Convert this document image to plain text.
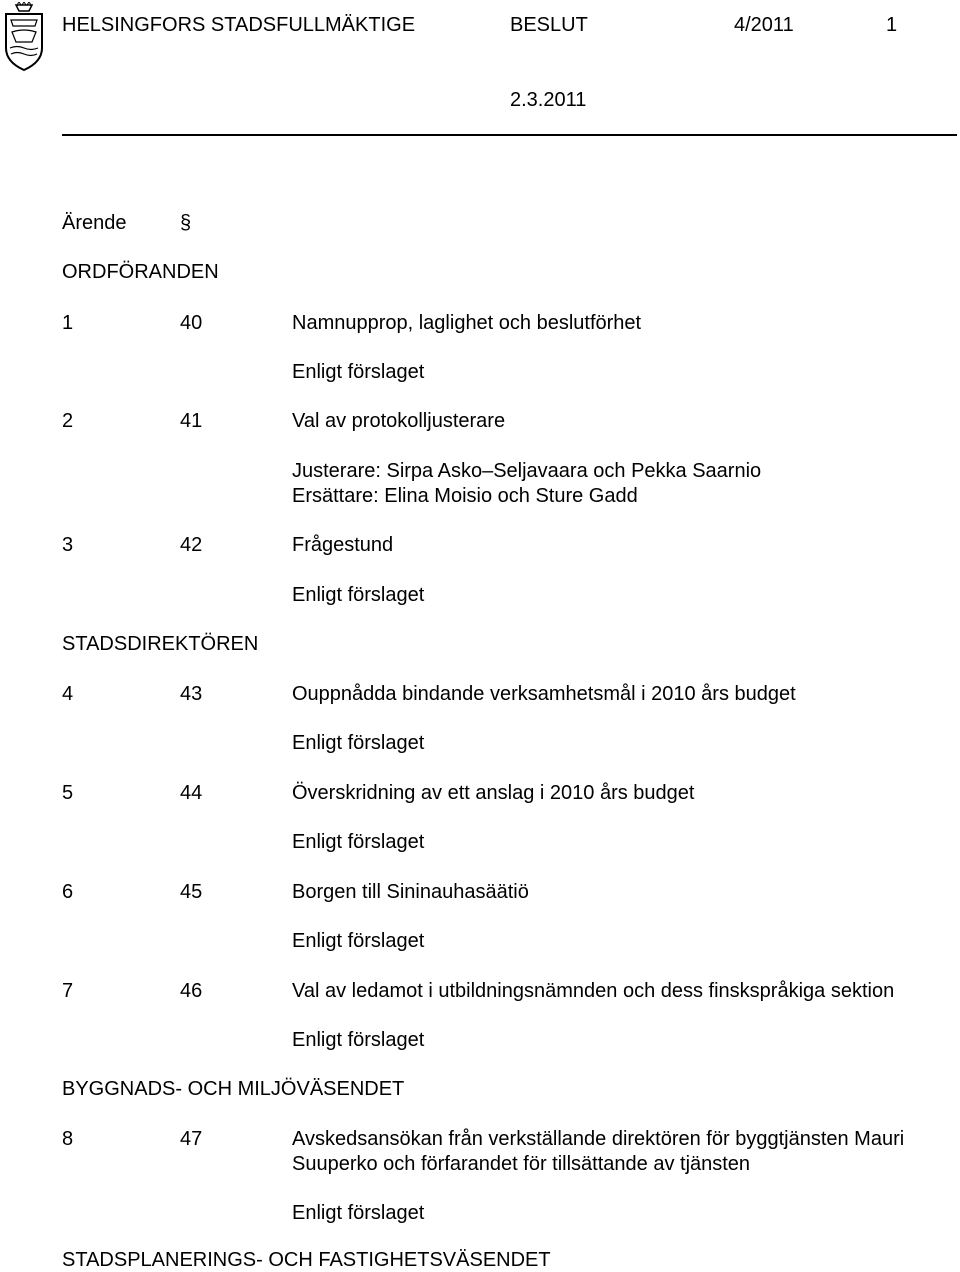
HELSINGFORS STADSFULLMÄKTIGE	BESLUT	4/2011	1
2.3.2011
Ärende	§
ORDFÖRANDEN
1	40	Namnupprop, laglighet och beslutförhet
Enligt förslaget
2	41	Val av protokolljusterare
Justerare: Sirpa Asko–Seljavaara och Pekka Saarnio
Ersättare: Elina Moisio och Sture Gadd
3	42	Frågestund
Enligt förslaget
STADSDIREKTÖREN
4	43	Ouppnådda bindande verksamhetsmål i 2010 års budget
Enligt förslaget
5	44	Överskridning av ett anslag i 2010 års budget
Enligt förslaget
6	45	Borgen till Sininauhasäätiö
Enligt förslaget
7	46	Val av ledamot i utbildningsnämnden och dess finskspråkiga sektion
Enligt förslaget
BYGGNADS- OCH MILJÖVÄSENDET
8	47	Avskedsansökan från verkställande direktören för byggtjänsten Mauri
Suuperko och förfarandet för tillsättande av tjänsten
Enligt förslaget
STADSPLANERINGS- OCH FASTIGHETSVÄSENDET
